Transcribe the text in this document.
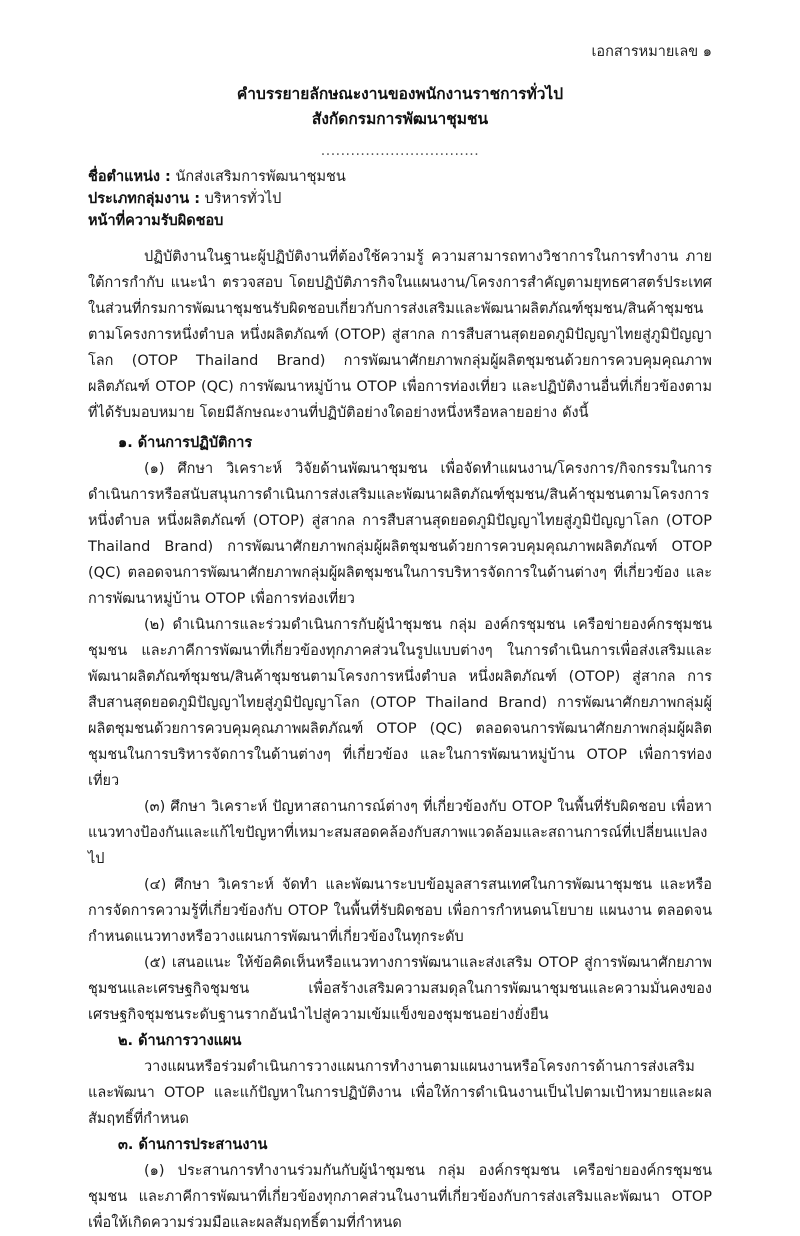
เอกสารหมายเลข ๑
คำบรรยายลักษณะงานของพนักงานราชการทั่วไป
สังกัดกรมการพัฒนาชุมชน
................................

ชื่อตำแหน่ง : นักส่งเสริมการพัฒนาชุมชน

ประเภทกลุ่มงาน : บริหารทั่วไป

หน้าที่ความรับผิดชอบ

ปฏิบัติงานในฐานะผู้ปฏิบัติงานที่ต้องใช้ความรู้ ความสามารถทางวิชาการในการทำงาน ภายใต้การกำกับ แนะนำ ตรวจสอบ โดยปฏิบัติภารกิจในแผนงาน/โครงการสำคัญตามยุทธศาสตร์ประเทศในส่วนที่กรมการพัฒนาชุมชนรับผิดชอบเกี่ยวกับการส่งเสริมและพัฒนาผลิตภัณฑ์ชุมชน/สินค้าชุมชนตามโครงการหนึ่งตำบล หนึ่งผลิตภัณฑ์ (OTOP) สู่สากล การสืบสานสุดยอดภูมิปัญญาไทยสู่ภูมิปัญญาโลก (OTOP Thailand Brand) การพัฒนาศักยภาพกลุ่มผู้ผลิตชุมชนด้วยการควบคุมคุณภาพผลิตภัณฑ์ OTOP (QC) การพัฒนาหมู่บ้าน OTOP เพื่อการท่องเที่ยว และปฏิบัติงานอื่นที่เกี่ยวข้องตามที่ได้รับมอบหมาย โดยมีลักษณะงานที่ปฏิบัติอย่างใดอย่างหนึ่งหรือหลายอย่าง ดังนี้

๑. ด้านการปฏิบัติการ

(๑) ศึกษา วิเคราะห์ วิจัยด้านพัฒนาชุมชน เพื่อจัดทำแผนงาน/โครงการ/กิจกรรมในการดำเนินการหรือสนับสนุนการดำเนินการส่งเสริมและพัฒนาผลิตภัณฑ์ชุมชน/สินค้าชุมชนตามโครงการหนึ่งตำบล หนึ่งผลิตภัณฑ์ (OTOP) สู่สากล การสืบสานสุดยอดภูมิปัญญาไทยสู่ภูมิปัญญาโลก (OTOP Thailand Brand) การพัฒนาศักยภาพกลุ่มผู้ผลิตชุมชนด้วยการควบคุมคุณภาพผลิตภัณฑ์ OTOP (QC) ตลอดจนการพัฒนาศักยภาพกลุ่มผู้ผลิตชุมชนในการบริหารจัดการในด้านต่างๆ ที่เกี่ยวข้อง และการพัฒนาหมู่บ้าน OTOP เพื่อการท่องเที่ยว

(๒) ดำเนินการและร่วมดำเนินการกับผู้นำชุมชน กลุ่ม องค์กรชุมชน เครือข่ายองค์กรชุมชน ชุมชน และภาคีการพัฒนาที่เกี่ยวข้องทุกภาคส่วนในรูปแบบต่างๆ ในการดำเนินการเพื่อส่งเสริมและพัฒนาผลิตภัณฑ์ชุมชน/สินค้าชุมชนตามโครงการหนึ่งตำบล หนึ่งผลิตภัณฑ์ (OTOP) สู่สากล การสืบสานสุดยอดภูมิปัญญาไทยสู่ภูมิปัญญาโลก (OTOP Thailand Brand) การพัฒนาศักยภาพกลุ่มผู้ผลิตชุมชนด้วยการควบคุมคุณภาพผลิตภัณฑ์ OTOP (QC) ตลอดจนการพัฒนาศักยภาพกลุ่มผู้ผลิตชุมชนในการบริหารจัดการในด้านต่างๆ ที่เกี่ยวข้อง และในการพัฒนาหมู่บ้าน OTOP เพื่อการท่องเที่ยว

(๓) ศึกษา วิเคราะห์ ปัญหาสถานการณ์ต่างๆ ที่เกี่ยวข้องกับ OTOP ในพื้นที่รับผิดชอบ เพื่อหาแนวทางป้องกันและแก้ไขปัญหาที่เหมาะสมสอดคล้องกับสภาพแวดล้อมและสถานการณ์ที่เปลี่ยนแปลงไป

(๔) ศึกษา วิเคราะห์ จัดทำ และพัฒนาระบบข้อมูลสารสนเทศในการพัฒนาชุมชน และหรือการจัดการความรู้ที่เกี่ยวข้องกับ OTOP ในพื้นที่รับผิดชอบ เพื่อการกำหนดนโยบาย แผนงาน ตลอดจนกำหนดแนวทางหรือวางแผนการพัฒนาที่เกี่ยวข้องในทุกระดับ

(๕) เสนอแนะ ให้ข้อคิดเห็นหรือแนวทางการพัฒนาและส่งเสริม OTOP สู่การพัฒนาศักยภาพชุมชนและเศรษฐกิจชุมชน เพื่อสร้างเสริมความสมดุลในการพัฒนาชุมชนและความมั่นคงของเศรษฐกิจชุมชนระดับฐานรากอันนำไปสู่ความเข้มแข็งของชุมชนอย่างยั่งยืน

๒. ด้านการวางแผน

วางแผนหรือร่วมดำเนินการวางแผนการทำงานตามแผนงานหรือโครงการด้านการส่งเสริมและพัฒนา OTOP และแก้ปัญหาในการปฏิบัติงาน เพื่อให้การดำเนินงานเป็นไปตามเป้าหมายและผลสัมฤทธิ์ที่กำหนด

๓. ด้านการประสานงาน

(๑) ประสานการทำงานร่วมกันกับผู้นำชุมชน กลุ่ม องค์กรชุมชน เครือข่ายองค์กรชุมชน ชุมชน และภาคีการพัฒนาที่เกี่ยวข้องทุกภาคส่วนในงานที่เกี่ยวข้องกับการส่งเสริมและพัฒนา OTOP เพื่อให้เกิดความร่วมมือและผลสัมฤทธิ์ตามที่กำหนด
